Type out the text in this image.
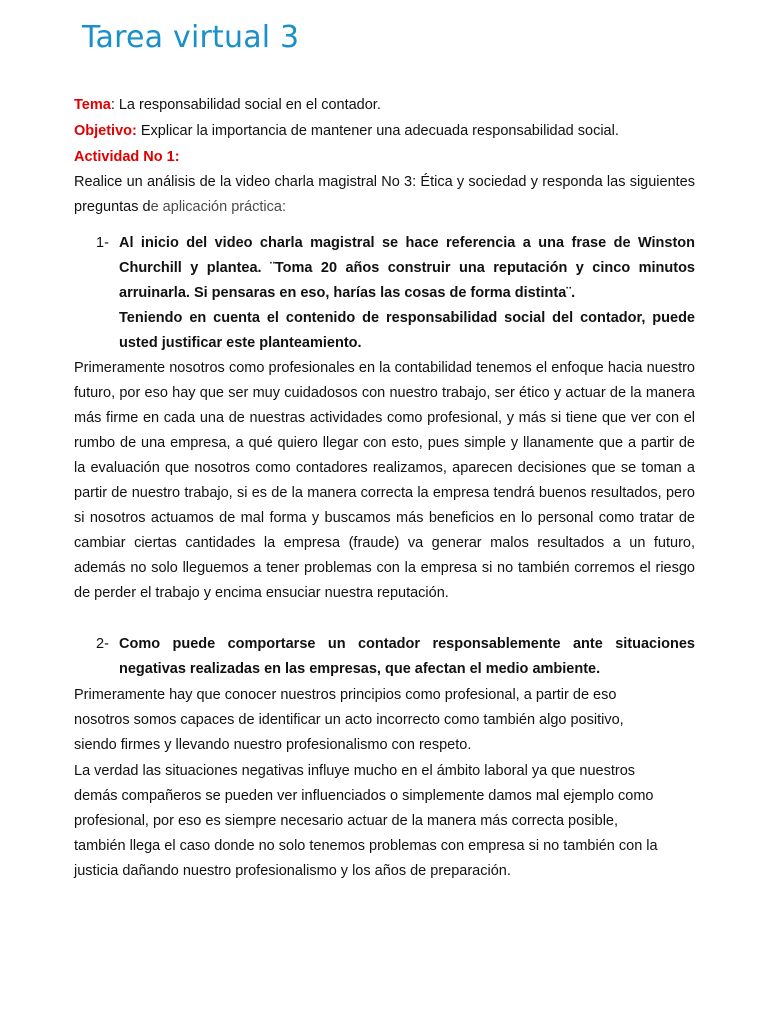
Tarea virtual 3
Tema: La responsabilidad social en el contador.
Objetivo: Explicar la importancia de mantener una adecuada responsabilidad social.
Actividad No 1:
Realice un análisis de la video charla magistral No 3: Ética y sociedad y responda las siguientes preguntas de aplicación práctica:
1- Al inicio del video charla magistral se hace referencia a una frase de Winston Churchill y plantea. ¨Toma 20 años construir una reputación y cinco minutos arruinarla. Si pensaras en eso, harías las cosas de forma distinta¨.
Teniendo en cuenta el contenido de responsabilidad social del contador, puede usted justificar este planteamiento.
Primeramente nosotros como profesionales en la contabilidad tenemos el enfoque hacia nuestro futuro, por eso hay que ser muy cuidadosos con nuestro trabajo, ser ético y actuar de la manera más firme en cada una de nuestras actividades como profesional, y más si tiene que ver con el rumbo de una empresa, a qué quiero llegar con esto, pues simple y llanamente que a partir de la evaluación que nosotros como contadores realizamos, aparecen decisiones que se toman a partir de nuestro trabajo, si es de la manera correcta la empresa tendrá buenos resultados, pero si nosotros actuamos de mal forma y buscamos más beneficios en lo personal como tratar de cambiar ciertas cantidades la empresa (fraude) va generar malos resultados a un futuro, además no solo lleguemos a tener problemas con la empresa si no también corremos el riesgo de perder el trabajo y encima ensuciar nuestra reputación.
2- Como puede comportarse un contador responsablemente ante situaciones negativas realizadas en las empresas, que afectan el medio ambiente.
Primeramente hay que conocer nuestros principios como profesional, a partir de eso
nosotros somos capaces de identificar un acto incorrecto como también algo positivo,
siendo firmes y llevando nuestro profesionalismo con respeto.
La verdad las situaciones negativas influye mucho en el ámbito laboral ya que nuestros
demás compañeros se pueden ver influenciados o simplemente damos mal ejemplo como
profesional, por eso es siempre necesario actuar de la manera más correcta posible,
también llega el caso donde no solo tenemos problemas con empresa si no también con la
justicia dañando nuestro profesionalismo y los años de preparación.
